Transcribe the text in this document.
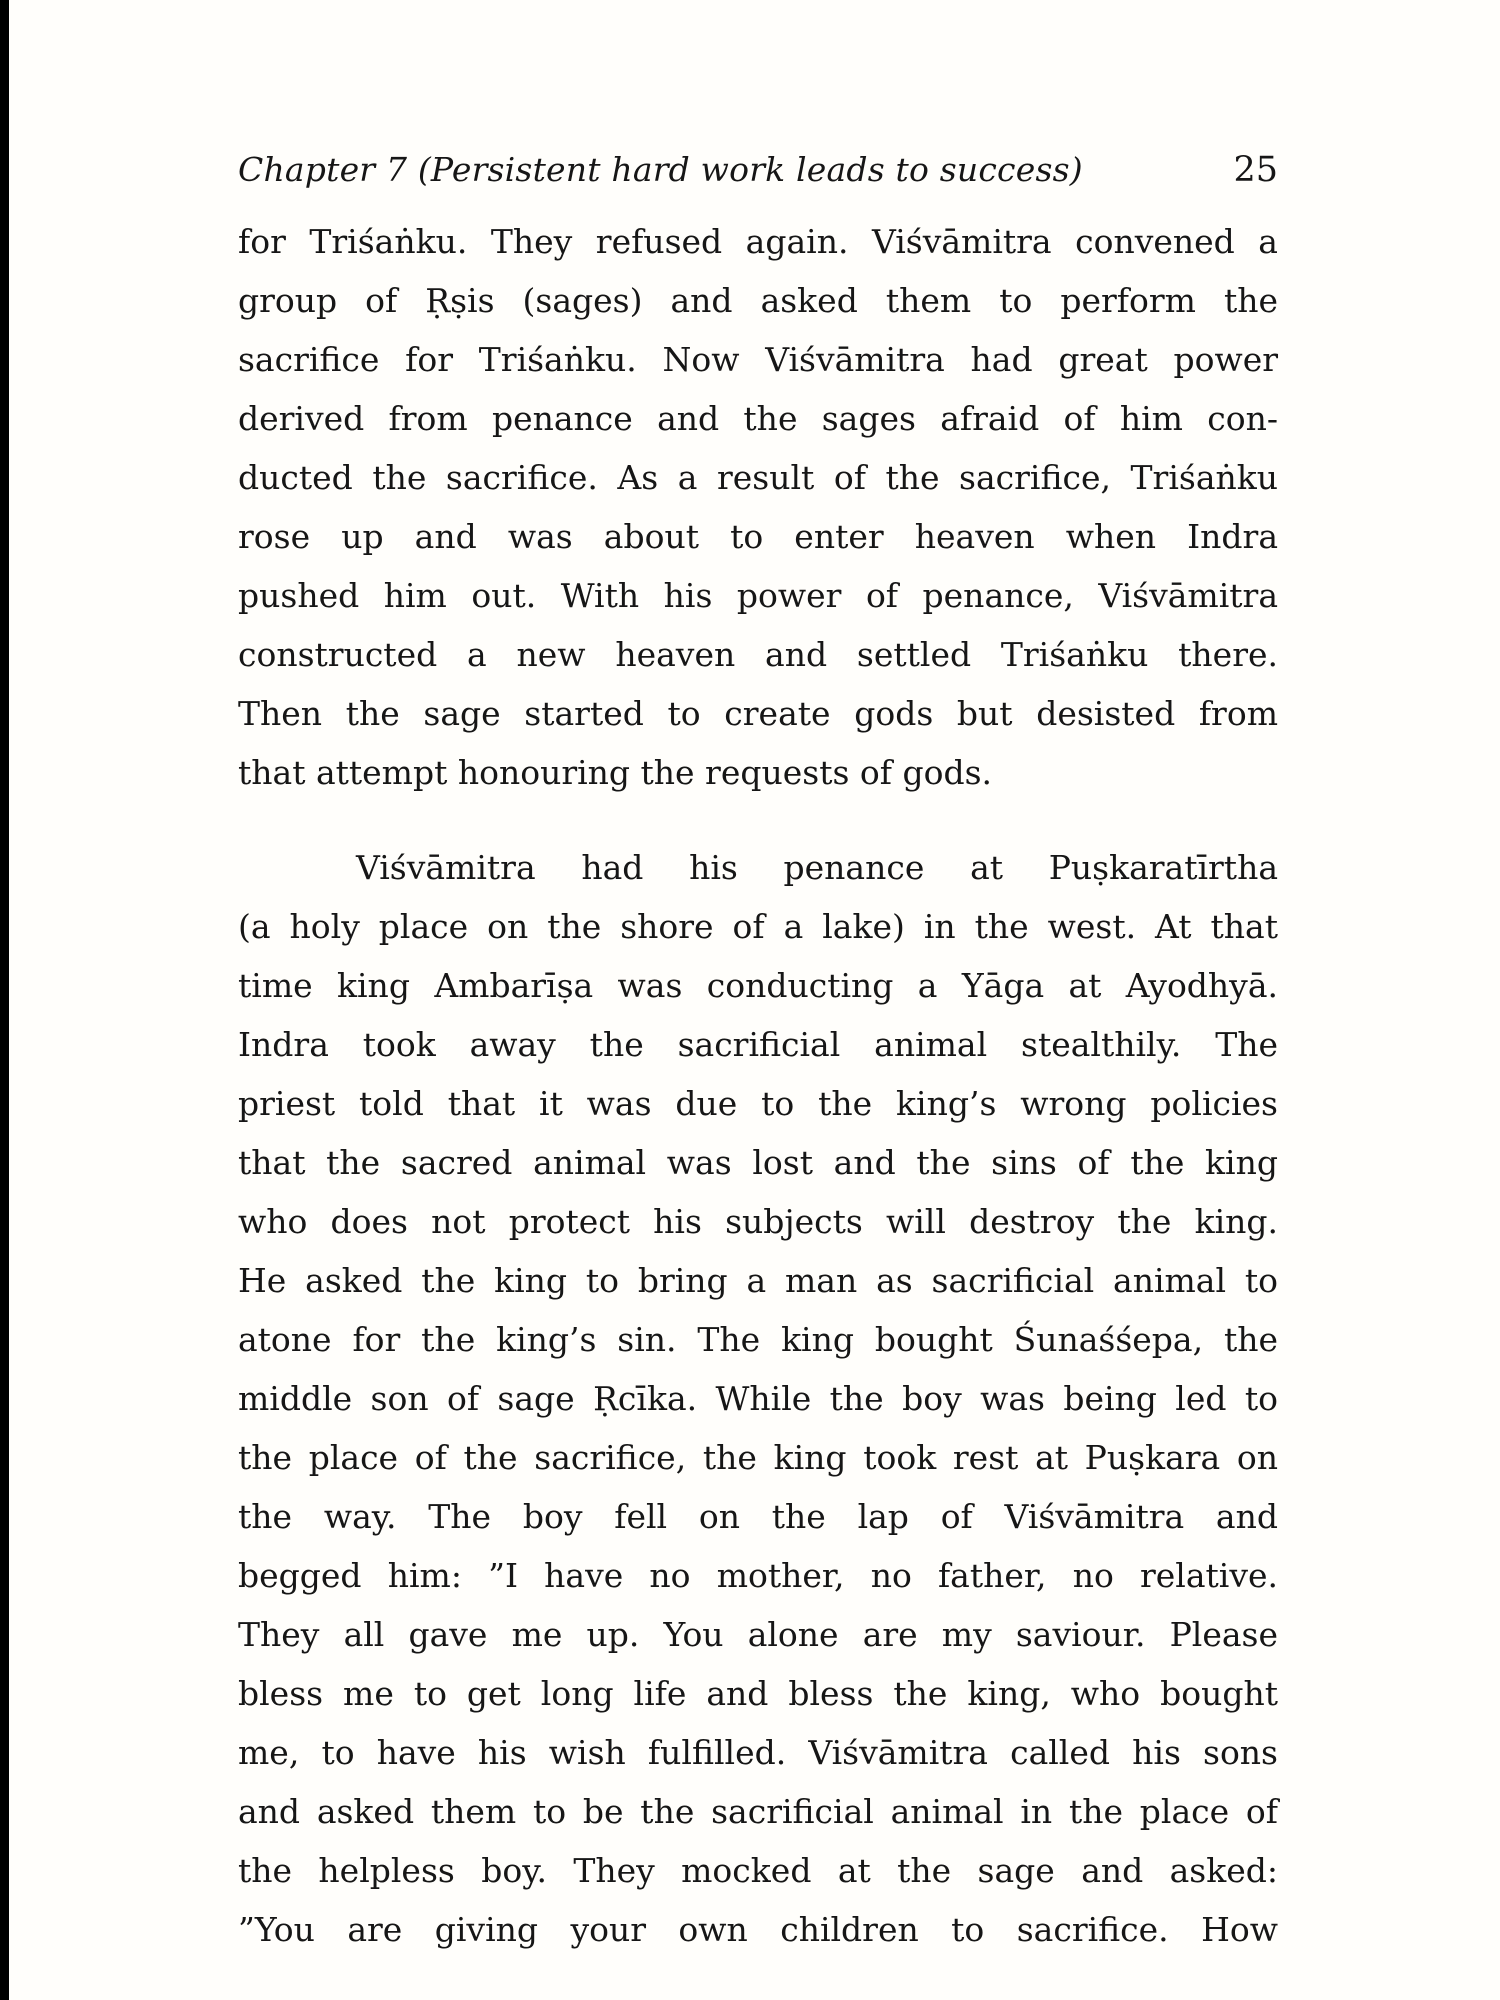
Chapter 7 (Persistent hard work leads to success)	25
for Triśaṅku. They refused again. Viśvāmitra convened a
group of Ṛṣis (sages) and asked them to perform the
sacrifice for Triśaṅku. Now Viśvāmitra had great power
derived from penance and the sages afraid of him con-
ducted the sacrifice. As a result of the sacrifice, Triśaṅku
rose up and was about to enter heaven when Indra
pushed him out. With his power of penance, Viśvāmitra
constructed a new heaven and settled Triśaṅku there.
Then the sage started to create gods but desisted from
that attempt honouring the requests of gods.
Viśvāmitra had his penance at Puṣkaratīrtha
(a holy place on the shore of a lake) in the west. At that
time king Ambarīṣa was conducting a Yāga at Ayodhyā.
Indra took away the sacrificial animal stealthily. The
priest told that it was due to the king’s wrong policies
that the sacred animal was lost and the sins of the king
who does not protect his subjects will destroy the king.
He asked the king to bring a man as sacrificial animal to
atone for the king’s sin. The king bought Śunaśśepa, the
middle son of sage Ṛcīka. While the boy was being led to
the place of the sacrifice, the king took rest at Puṣkara on
the way. The boy fell on the lap of Viśvāmitra and
begged him: ”I have no mother, no father, no relative.
They all gave me up. You alone are my saviour. Please
bless me to get long life and bless the king, who bought
me, to have his wish fulfilled. Viśvāmitra called his sons
and asked them to be the sacrificial animal in the place of
the helpless boy. They mocked at the sage and asked:
”You are giving your own children to sacrifice. How
